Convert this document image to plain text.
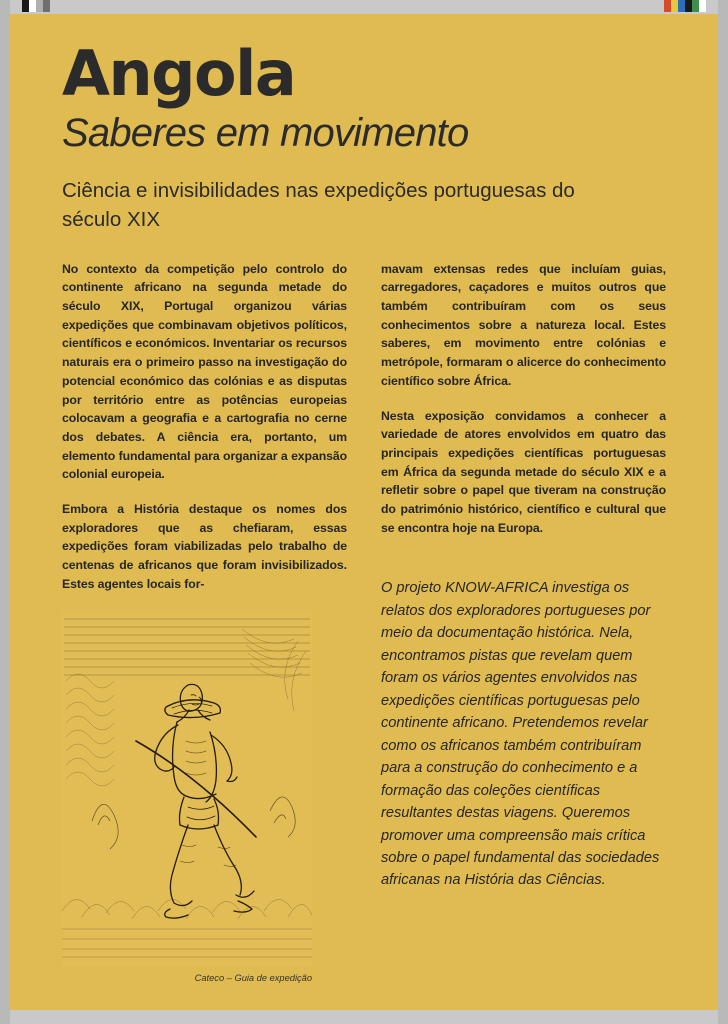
Angola
Saberes em movimento
Ciência e invisibilidades nas expedições portuguesas do século XIX

No contexto da competição pelo controlo do continente africano na segunda metade do século XIX, Portugal organizou várias expedições que combinavam objetivos políticos, científicos e económicos. Inventariar os recursos naturais era o primeiro passo na investigação do potencial económico das colónias e as disputas por território entre as potências europeias colocavam a geografia e a cartografia no cerne dos debates. A ciência era, portanto, um elemento fundamental para organizar a expansão colonial europeia.

Embora a História destaque os nomes dos exploradores que as chefiaram, essas expedições foram viabilizadas pelo trabalho de centenas de africanos que foram invisibilizados. Estes agentes locais for-

Cateco – Guia de expedição

mavam extensas redes que incluíam guias, carregadores, caçadores e muitos outros que também contribuíram com os seus conhecimentos sobre a natureza local. Estes saberes, em movimento entre colónias e metrópole, formaram o alicerce do conhecimento científico sobre África.

Nesta exposição convidamos a conhecer a variedade de atores envolvidos em quatro das principais expedições científicas portuguesas em África da segunda metade do século XIX e a refletir sobre o papel que tiveram na construção do património histórico, científico e cultural que se encontra hoje na Europa.

O projeto KNOW-AFRICA investiga os relatos dos exploradores portugueses por meio da documentação histórica. Nela, encontramos pistas que revelam quem foram os vários agentes envolvidos nas expedições científicas portuguesas pelo continente africano. Pretendemos revelar como os africanos também contribuíram para a construção do conhecimento e a formação das coleções científicas resultantes destas viagens. Queremos promover uma compreensão mais crítica sobre o papel fundamental das sociedades africanas na História das Ciências.
